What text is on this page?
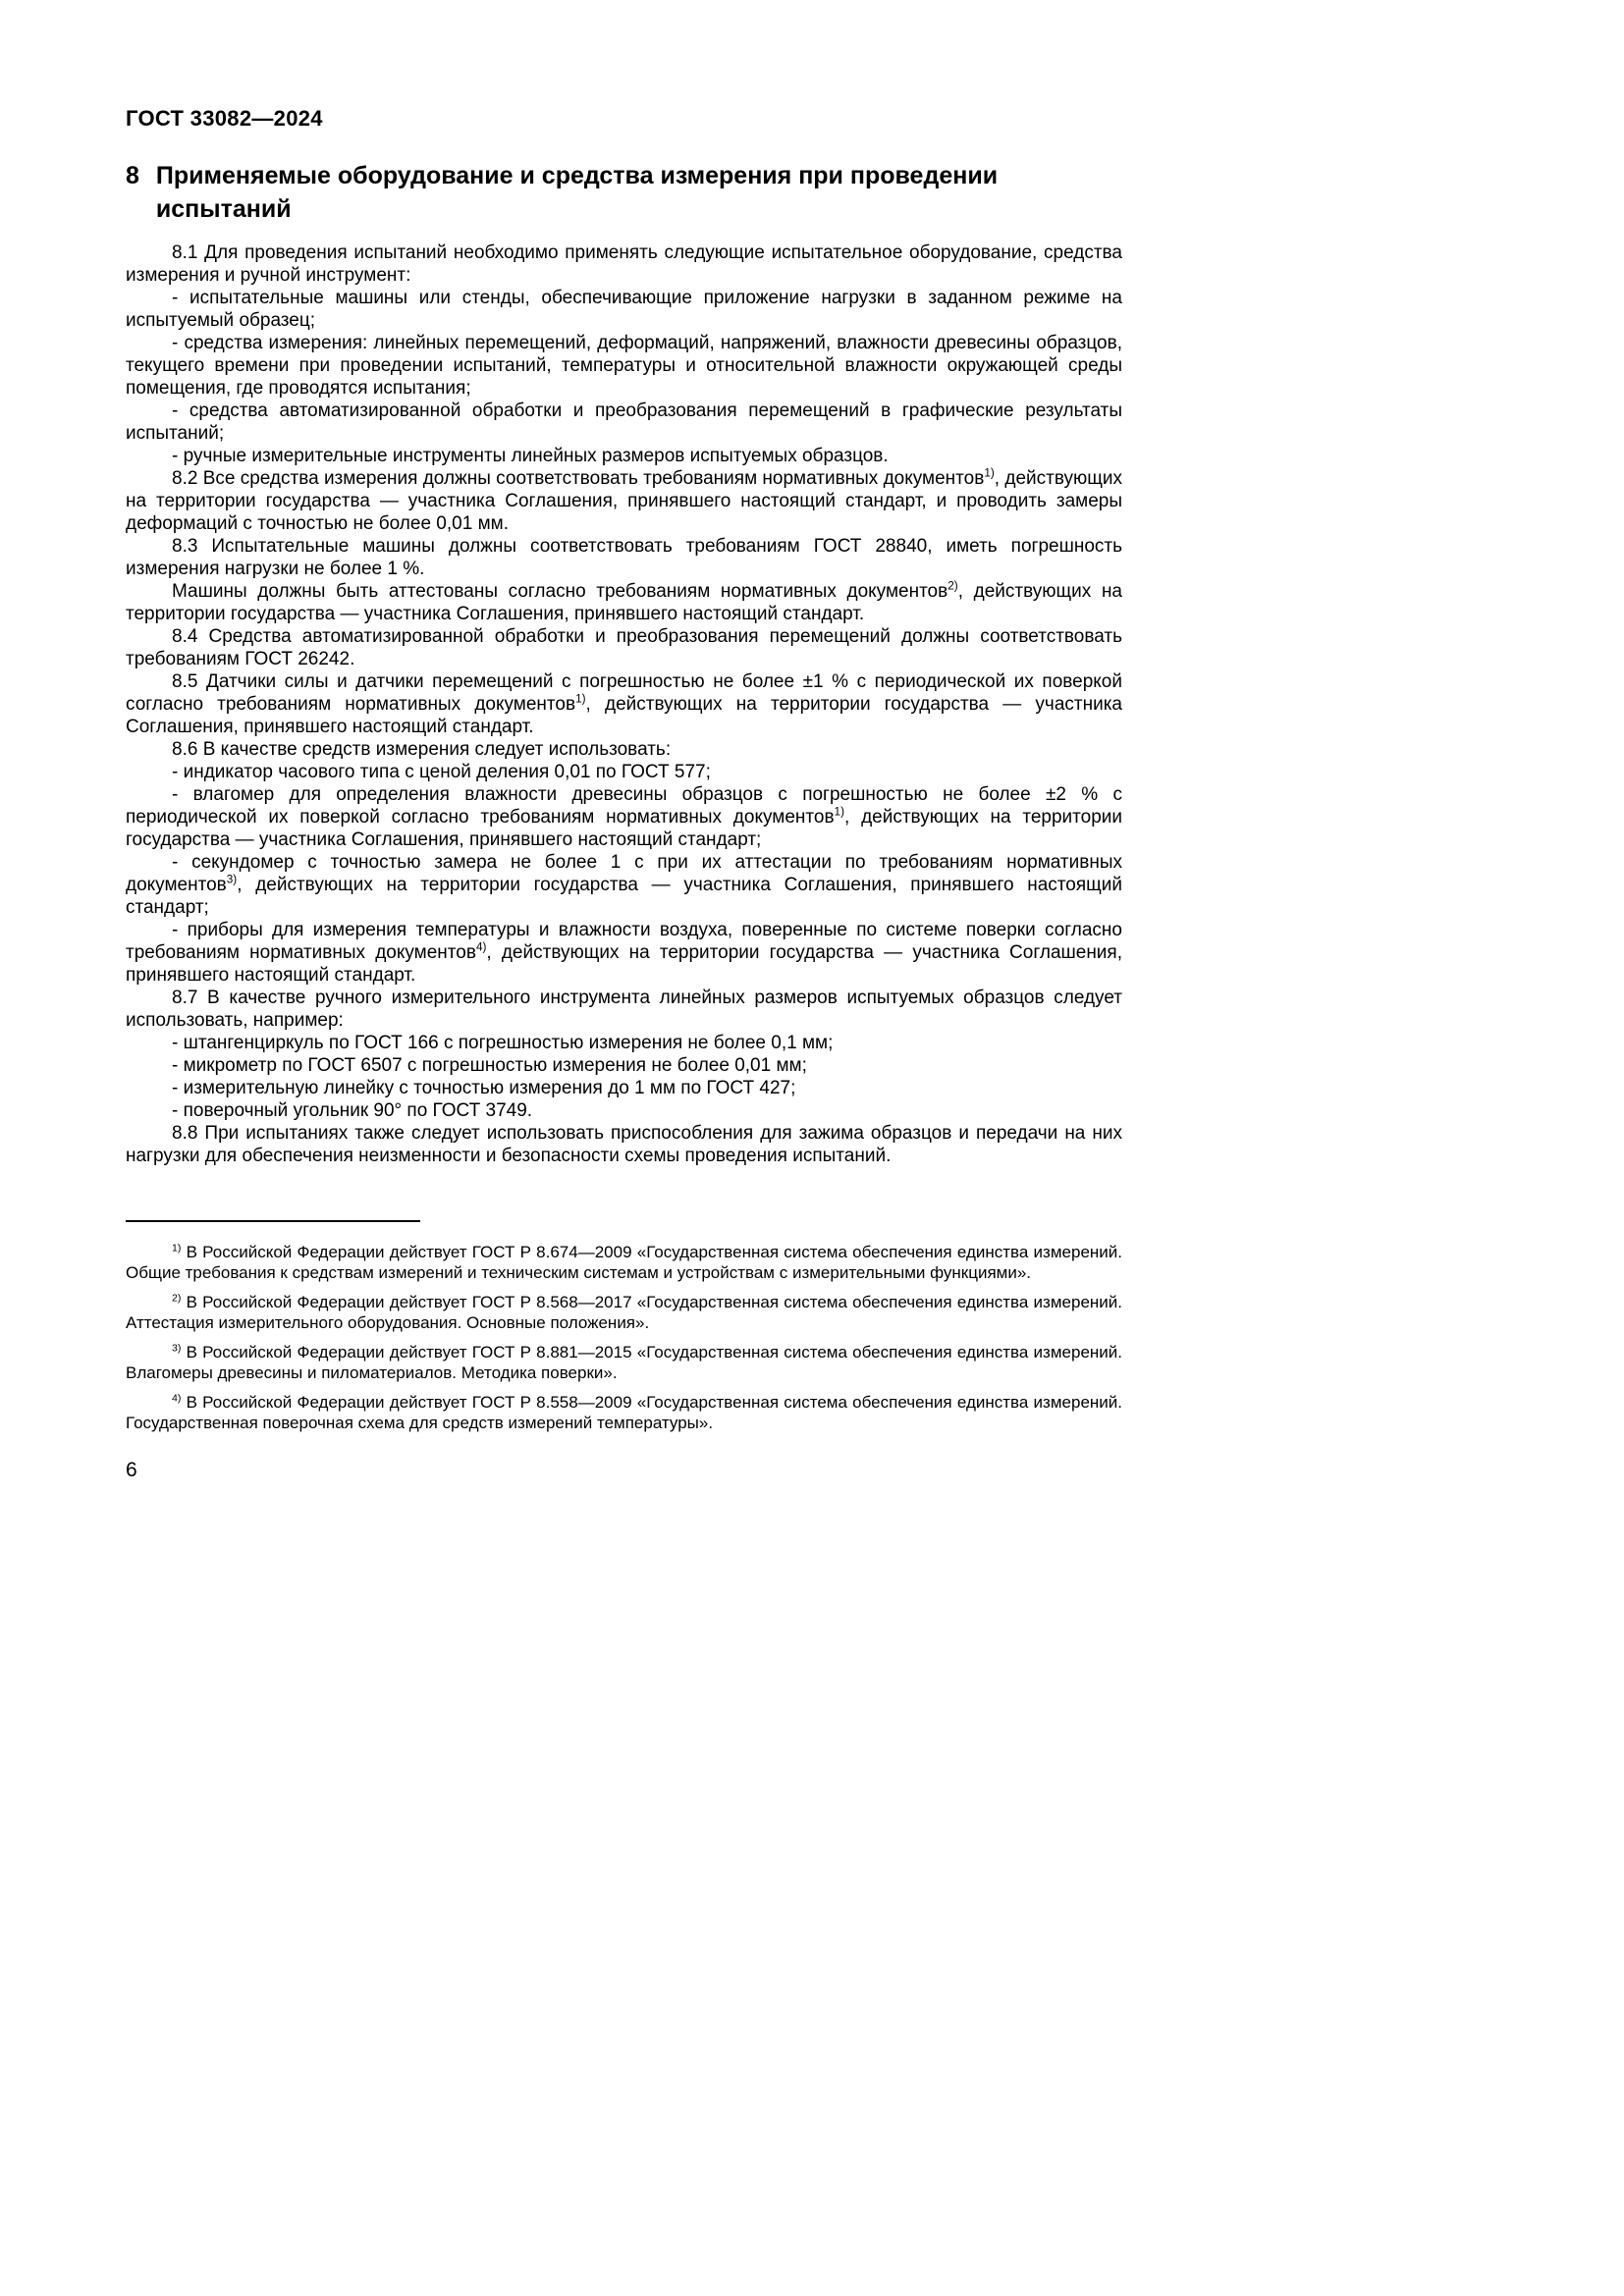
ГОСТ 33082—2024
8 Применяемые оборудование и средства измерения при проведении испытаний

8.1 Для проведения испытаний необходимо применять следующие испытательное оборудование, средства измерения и ручной инструмент:

- испытательные машины или стенды, обеспечивающие приложение нагрузки в заданном режиме на испытуемый образец;

- средства измерения: линейных перемещений, деформаций, напряжений, влажности древесины образцов, текущего времени при проведении испытаний, температуры и относительной влажности окружающей среды помещения, где проводятся испытания;

- средства автоматизированной обработки и преобразования перемещений в графические результаты испытаний;

- ручные измерительные инструменты линейных размеров испытуемых образцов.

8.2 Все средства измерения должны соответствовать требованиям нормативных документов$^{1)}$, действующих на территории государства — участника Соглашения, принявшего настоящий стандарт, и проводить замеры деформаций с точностью не более 0,01 мм.

8.3 Испытательные машины должны соответствовать требованиям ГОСТ 28840, иметь погрешность измерения нагрузки не более 1 %.

Машины должны быть аттестованы согласно требованиям нормативных документов$^{2)}$, действующих на территории государства — участника Соглашения, принявшего настоящий стандарт.

8.4 Средства автоматизированной обработки и преобразования перемещений должны соответствовать требованиям ГОСТ 26242.

8.5 Датчики силы и датчики перемещений с погрешностью не более ±1 % с периодической их поверкой согласно требованиям нормативных документов$^{1)}$, действующих на территории государства — участника Соглашения, принявшего настоящий стандарт.

8.6 В качестве средств измерения следует использовать:

- индикатор часового типа с ценой деления 0,01 по ГОСТ 577;

- влагомер для определения влажности древесины образцов с погрешностью не более ±2 % с периодической их поверкой согласно требованиям нормативных документов$^{1)}$, действующих на территории государства — участника Соглашения, принявшего настоящий стандарт;

- секундомер с точностью замера не более 1 с при их аттестации по требованиям нормативных документов$^{3)}$, действующих на территории государства — участника Соглашения, принявшего настоящий стандарт;

- приборы для измерения температуры и влажности воздуха, поверенные по системе поверки согласно требованиям нормативных документов$^{4)}$, действующих на территории государства — участника Соглашения, принявшего настоящий стандарт.

8.7 В качестве ручного измерительного инструмента линейных размеров испытуемых образцов следует использовать, например:

- штангенциркуль по ГОСТ 166 с погрешностью измерения не более 0,1 мм;

- микрометр по ГОСТ 6507 с погрешностью измерения не более 0,01 мм;

- измерительную линейку с точностью измерения до 1 мм по ГОСТ 427;

- поверочный угольник 90° по ГОСТ 3749.

8.8 При испытаниях также следует использовать приспособления для зажима образцов и передачи на них нагрузки для обеспечения неизменности и безопасности схемы проведения испытаний.

$^{1)}$ В Российской Федерации действует ГОСТ Р 8.674—2009 «Государственная система обеспечения единства измерений. Общие требования к средствам измерений и техническим системам и устройствам с измерительными функциями».

$^{2)}$ В Российской Федерации действует ГОСТ Р 8.568—2017 «Государственная система обеспечения единства измерений. Аттестация измерительного оборудования. Основные положения».

$^{3)}$ В Российской Федерации действует ГОСТ Р 8.881—2015 «Государственная система обеспечения единства измерений. Влагомеры древесины и пиломатериалов. Методика поверки».

$^{4)}$ В Российской Федерации действует ГОСТ Р 8.558—2009 «Государственная система обеспечения единства измерений. Государственная поверочная схема для средств измерений температуры».

6
